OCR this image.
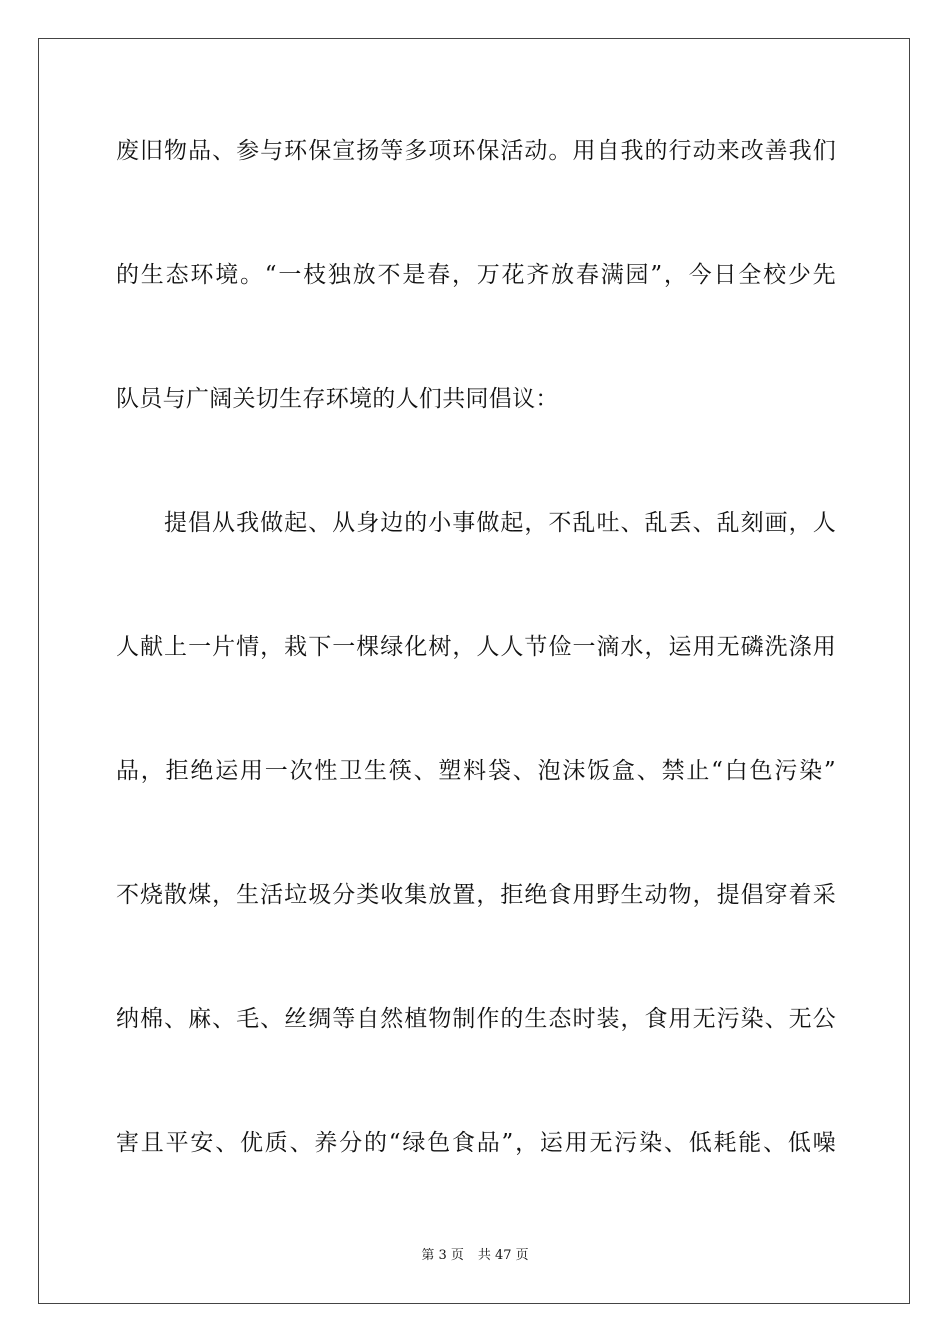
废旧物品、参与环保宣扬等多项环保活动。用自我的行动来改善我们
的生态环境。“一枝独放不是春，万花齐放春满园”，今日全校少先
队员与广阔关切生存环境的人们共同倡议：
提倡从我做起、从身边的小事做起，不乱吐、乱丢、乱刻画，人
人献上一片情，栽下一棵绿化树，人人节俭一滴水，运用无磷洗涤用
品，拒绝运用一次性卫生筷、塑料袋、泡沫饭盒、禁止“白色污染”
不烧散煤，生活垃圾分类收集放置，拒绝食用野生动物，提倡穿着采
纳棉、麻、毛、丝绸等自然植物制作的生态时装，食用无污染、无公
害且平安、优质、养分的“绿色食品”，运用无污染、低耗能、低噪
第 3 页 共 47 页
